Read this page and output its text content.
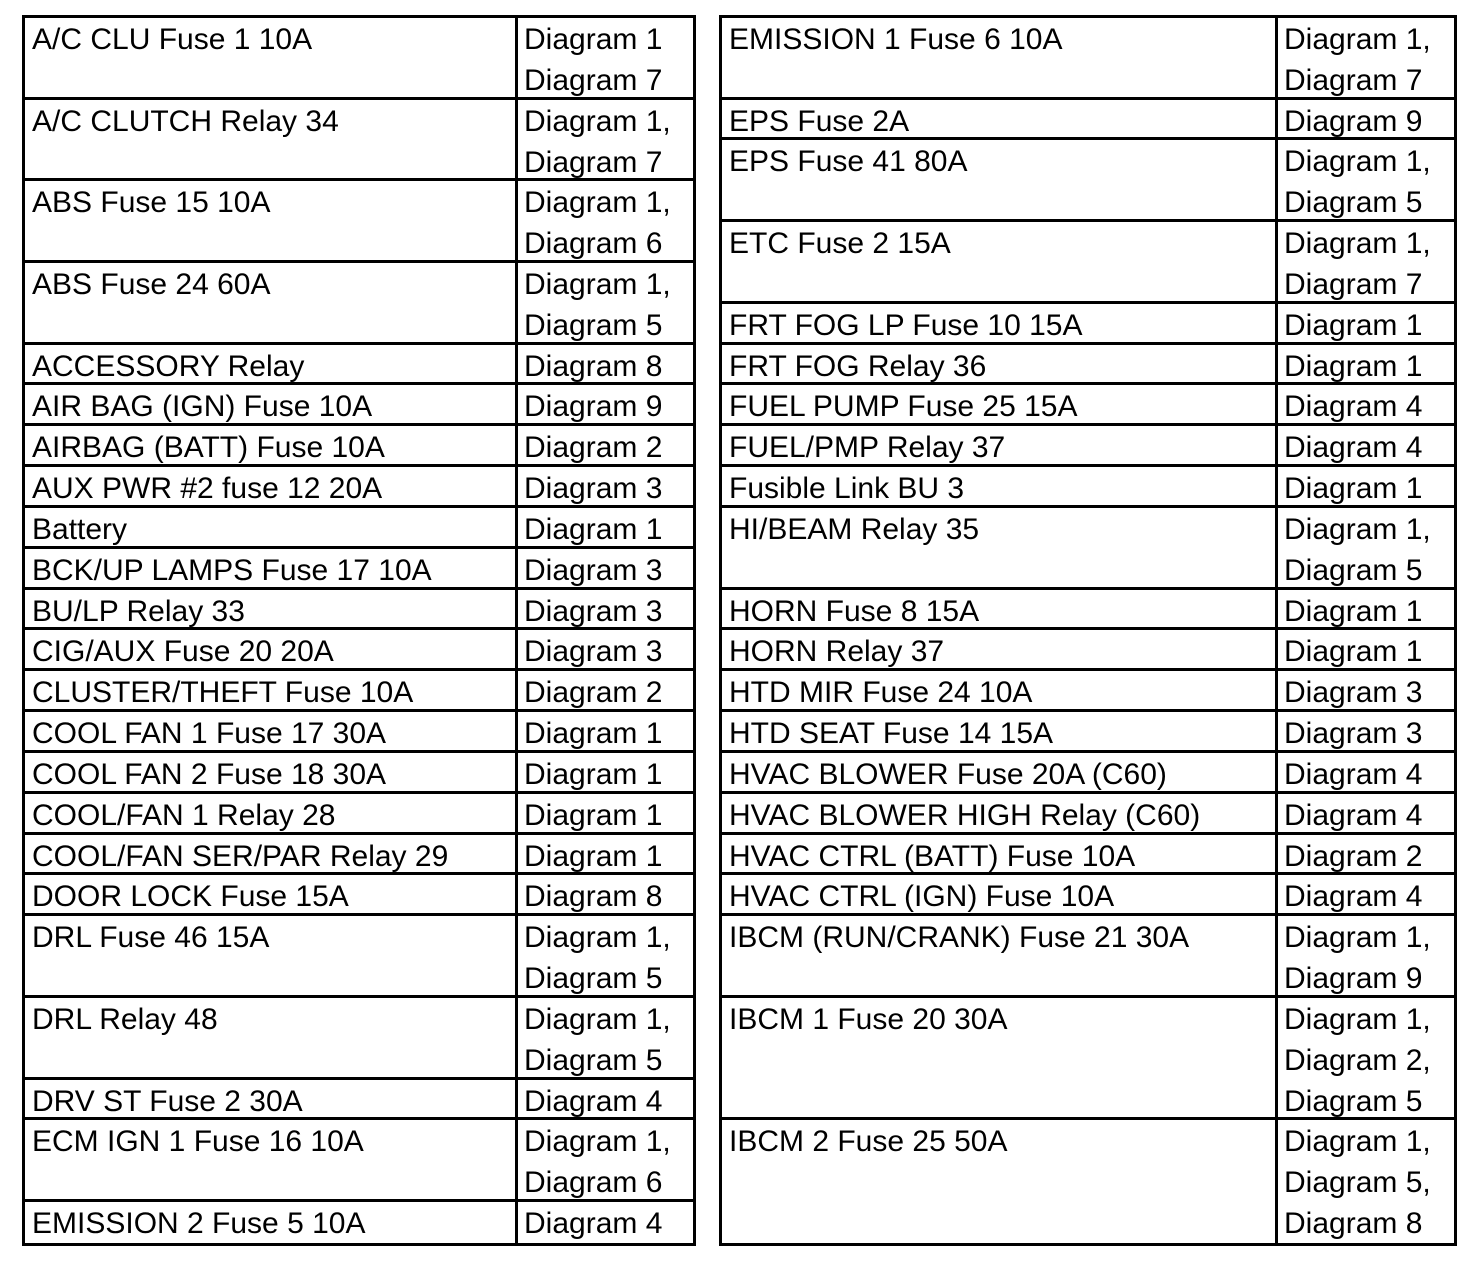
A/C CLU Fuse 1 10A	Diagram 1
Diagram 7
A/C CLUTCH Relay 34	Diagram 1,
Diagram 7
ABS Fuse 15 10A	Diagram 1,
Diagram 6
ABS Fuse 24 60A	Diagram 1,
Diagram 5
ACCESSORY Relay	Diagram 8
AIR BAG (IGN) Fuse 10A	Diagram 9
AIRBAG (BATT) Fuse 10A	Diagram 2
AUX PWR #2 fuse 12 20A	Diagram 3
Battery	Diagram 1
BCK/UP LAMPS Fuse 17 10A	Diagram 3
BU/LP Relay 33	Diagram 3
CIG/AUX Fuse 20 20A	Diagram 3
CLUSTER/THEFT Fuse 10A	Diagram 2
COOL FAN 1 Fuse 17 30A	Diagram 1
COOL FAN 2 Fuse 18 30A	Diagram 1
COOL/FAN 1 Relay 28	Diagram 1
COOL/FAN SER/PAR Relay 29	Diagram 1
DOOR LOCK Fuse 15A	Diagram 8
DRL Fuse 46 15A	Diagram 1,
Diagram 5
DRL Relay 48	Diagram 1,
Diagram 5
DRV ST Fuse 2 30A	Diagram 4
ECM IGN 1 Fuse 16 10A	Diagram 1,
Diagram 6
EMISSION 2 Fuse 5 10A	Diagram 4
EMISSION 1 Fuse 6 10A	Diagram 1,
Diagram 7
EPS Fuse 2A	Diagram 9
EPS Fuse 41 80A	Diagram 1,
Diagram 5
ETC Fuse 2 15A	Diagram 1,
Diagram 7
FRT FOG LP Fuse 10 15A	Diagram 1
FRT FOG Relay 36	Diagram 1
FUEL PUMP Fuse 25 15A	Diagram 4
FUEL/PMP Relay 37	Diagram 4
Fusible Link BU 3	Diagram 1
HI/BEAM Relay 35	Diagram 1,
Diagram 5
HORN Fuse 8 15A	Diagram 1
HORN Relay 37	Diagram 1
HTD MIR Fuse 24 10A	Diagram 3
HTD SEAT Fuse 14 15A	Diagram 3
HVAC BLOWER Fuse 20A (C60)	Diagram 4
HVAC BLOWER HIGH Relay (C60)	Diagram 4
HVAC CTRL (BATT) Fuse 10A	Diagram 2
HVAC CTRL (IGN) Fuse 10A	Diagram 4
IBCM (RUN/CRANK) Fuse 21 30A	Diagram 1,
Diagram 9
IBCM 1 Fuse 20 30A	Diagram 1,
Diagram 2,
Diagram 5
IBCM 2 Fuse 25 50A	Diagram 1,
Diagram 5,
Diagram 8
